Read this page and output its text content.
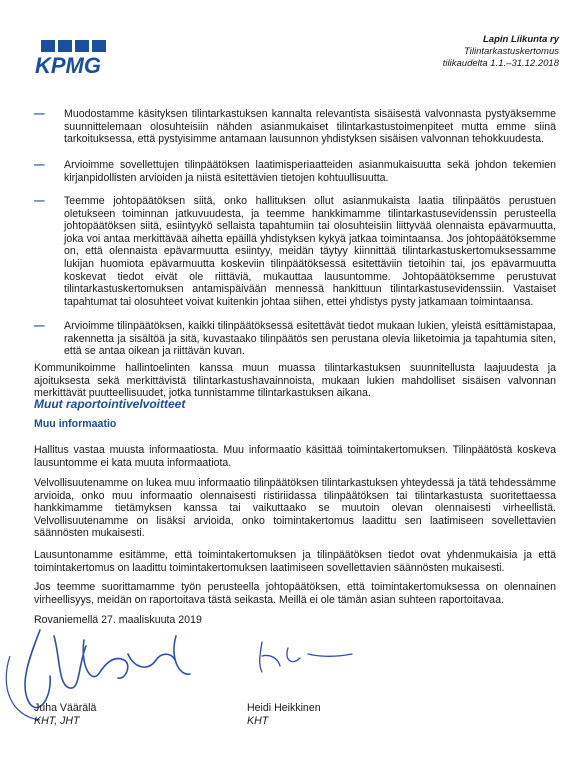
KPMG
Lapin Liikunta ry
Tilintarkastuskertomus
tilikaudelta 1.1.–31.12.2018
—	Muodostamme käsityksen tilintarkastuksen kannalta relevantista sisäisestä valvonnasta pystyäksemme suunnittelemaan olosuhteisiin nähden asianmukaiset tilintarkastustoimenpiteet mutta emme siinä tarkoituksessa, että pystyisimme antamaan lausunnon yhdistyksen sisäisen valvonnan tehokkuudesta.
—	Arvioimme sovellettujen tilinpäätöksen laatimisperiaatteiden asianmukaisuutta sekä johdon tekemien kirjanpidollisten arvioiden ja niistä esitettävien tietojen kohtuullisuutta.
—	Teemme johtopäätöksen siitä, onko hallituksen ollut asianmukaista laatia tilinpäätös perustuen oletukseen toiminnan jatkuvuudesta, ja teemme hankkimamme tilintarkastusevidenssin perusteella johtopäätöksen siitä, esiintyykö sellaista tapahtumiin tai olosuhteisiin liittyvää olennaista epävarmuutta, joka voi antaa merkittävää aihetta epäillä yhdistyksen kykyä jatkaa toimintaansa. Jos johtopäätöksemme on, että olennaista epävarmuutta esiintyy, meidän täytyy kiinnittää tilintarkastuskertomuksessamme lukijan huomiota epävarmuutta koskeviin tilinpäätöksessä esitettäviin tietoihin tai, jos epävarmuutta koskevat tiedot eivät ole riittäviä, mukauttaa lausuntomme. Johtopäätöksemme perustuvat tilintarkastuskertomuksen antamispäivään mennessä hankittuun tilintarkastusevidenssiin. Vastaiset tapahtumat tai olosuhteet voivat kuitenkin johtaa siihen, ettei yhdistys pysty jatkamaan toimintaansa.
—	Arvioimme tilinpäätöksen, kaikki tilinpäätöksessä esitettävät tiedot mukaan lukien, yleistä esittämistapaa, rakennetta ja sisältöä ja sitä, kuvastaako tilinpäätös sen perustana olevia liiketoimia ja tapahtumia siten, että se antaa oikean ja riittävän kuvan.
Kommunikoimme hallintoelinten kanssa muun muassa tilintarkastuksen suunnitellusta laajuudesta ja ajoituksesta sekä merkittävistä tilintarkastushavainnoista, mukaan lukien mahdolliset sisäisen valvonnan merkittävät puutteellisuudet, jotka tunnistamme tilintarkastuksen aikana.
Muut raportointivelvoitteet
Muu informaatio
Hallitus vastaa muusta informaatiosta. Muu informaatio käsittää toimintakertomuksen. Tilinpäätöstä koskeva lausuntomme ei kata muuta informaatiota.
Velvollisuutenamme on lukea muu informaatio tilinpäätöksen tilintarkastuksen yhteydessä ja tätä tehdessämme arvioida, onko muu informaatio olennaisesti ristiriidassa tilinpäätöksen tai tilintarkastusta suoritettaessa hankkimamme tietämyksen kanssa tai vaikuttaako se muutoin olevan olennaisesti virheellistä. Velvollisuutenamme on lisäksi arvioida, onko toimintakertomus laadittu sen laatimiseen sovellettavien säännösten mukaisesti.
Lausuntonamme esitämme, että toimintakertomuksen ja tilinpäätöksen tiedot ovat yhdenmukaisia ja että toimintakertomus on laadittu toimintakertomuksen laatimiseen sovellettavien säännösten mukaisesti.
Jos teemme suorittamamme työn perusteella johtopäätöksen, että toimintakertomuksessa on olennainen virheellisyys, meidän on raportoitava tästä seikasta. Meillä ei ole tämän asian suhteen raportoitavaa.
Rovaniemellä 27. maaliskuuta 2019
Juha Väärälä
KHT, JHT
Heidi Heikkinen
KHT
